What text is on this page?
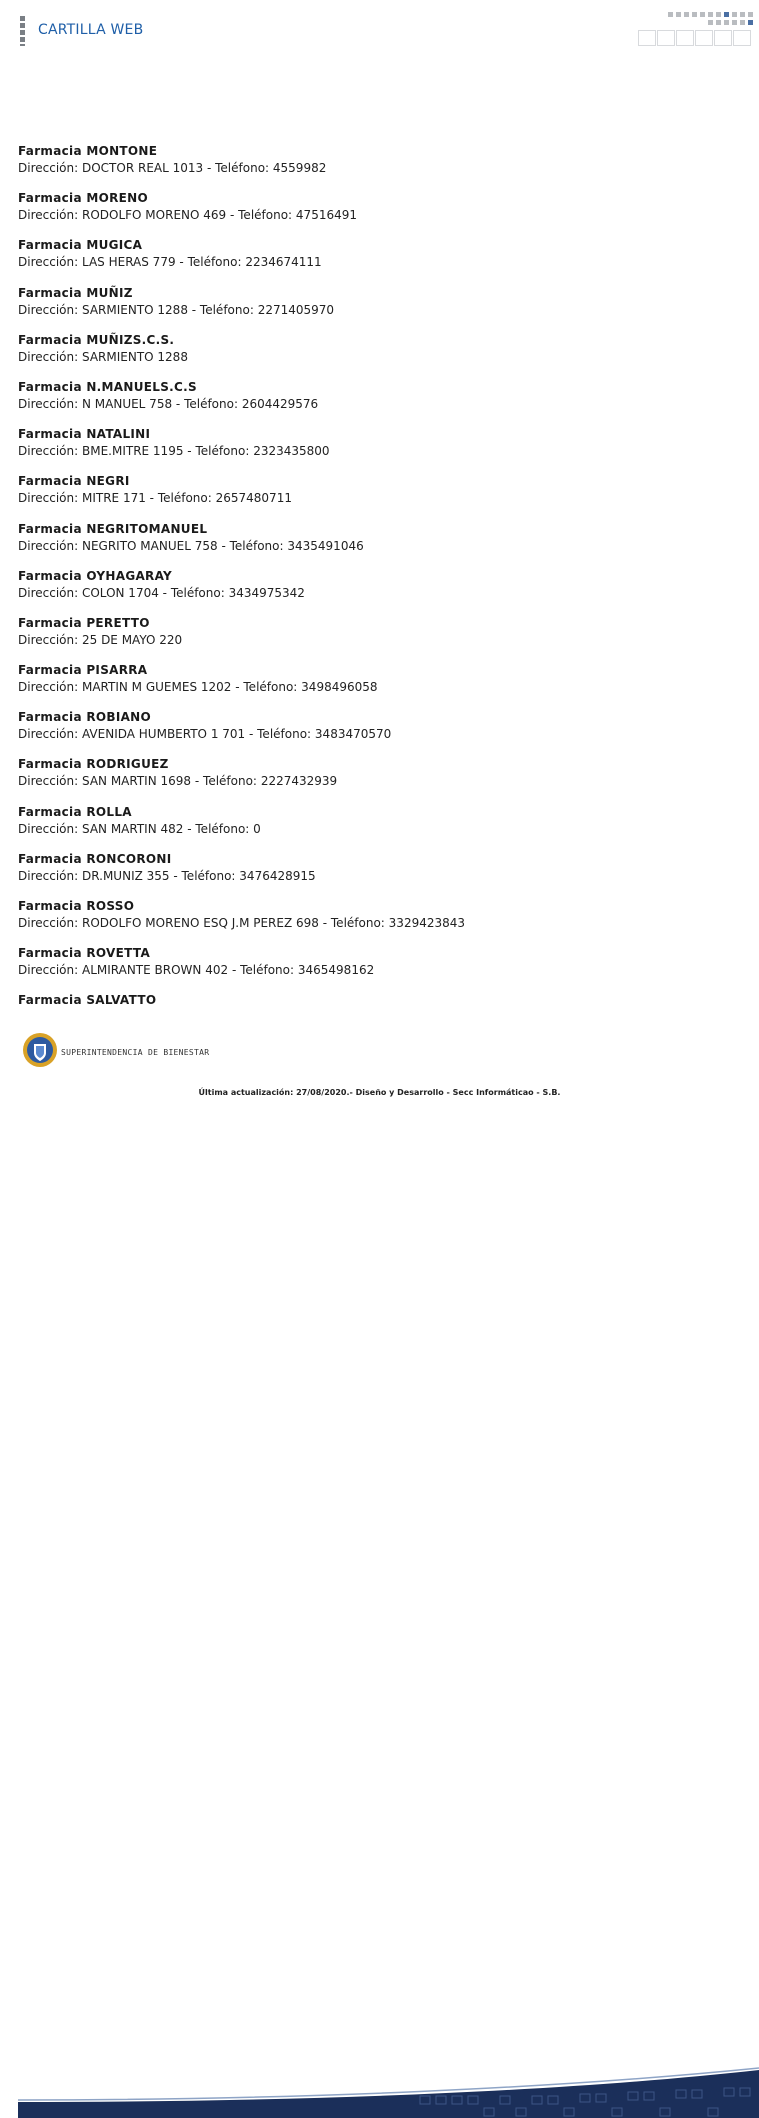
CARTILLA WEB
Farmacia MONTONE
Dirección: DOCTOR REAL 1013 - Teléfono: 4559982
Farmacia MORENO
Dirección: RODOLFO MORENO 469 - Teléfono: 47516491
Farmacia MUGICA
Dirección: LAS HERAS 779 - Teléfono: 2234674111
Farmacia MUÑIZ
Dirección: SARMIENTO 1288 - Teléfono: 2271405970
Farmacia MUÑIZS.C.S.
Dirección: SARMIENTO 1288
Farmacia N.MANUELS.C.S
Dirección: N MANUEL 758 - Teléfono: 2604429576
Farmacia NATALINI
Dirección: BME.MITRE 1195 - Teléfono: 2323435800
Farmacia NEGRI
Dirección: MITRE 171 - Teléfono: 2657480711
Farmacia NEGRITOMANUEL
Dirección: NEGRITO MANUEL 758 - Teléfono: 3435491046
Farmacia OYHAGARAY
Dirección: COLON 1704 - Teléfono: 3434975342
Farmacia PERETTO
Dirección: 25 DE MAYO 220
Farmacia PISARRA
Dirección: MARTIN M GUEMES 1202 - Teléfono: 3498496058
Farmacia ROBIANO
Dirección: AVENIDA HUMBERTO 1 701 - Teléfono: 3483470570
Farmacia RODRIGUEZ
Dirección: SAN MARTIN 1698 - Teléfono: 2227432939
Farmacia ROLLA
Dirección: SAN MARTIN 482 - Teléfono: 0
Farmacia RONCORONI
Dirección: DR.MUNIZ 355 - Teléfono: 3476428915
Farmacia ROSSO
Dirección: RODOLFO MORENO ESQ J.M PEREZ 698 - Teléfono: 3329423843
Farmacia ROVETTA
Dirección: ALMIRANTE BROWN 402 - Teléfono: 3465498162
Farmacia SALVATTO
SUPERINTENDENCIA DE BIENESTAR
Última actualización: 27/08/2020.- Diseño y Desarrollo - Secc Informáticao - S.B.
